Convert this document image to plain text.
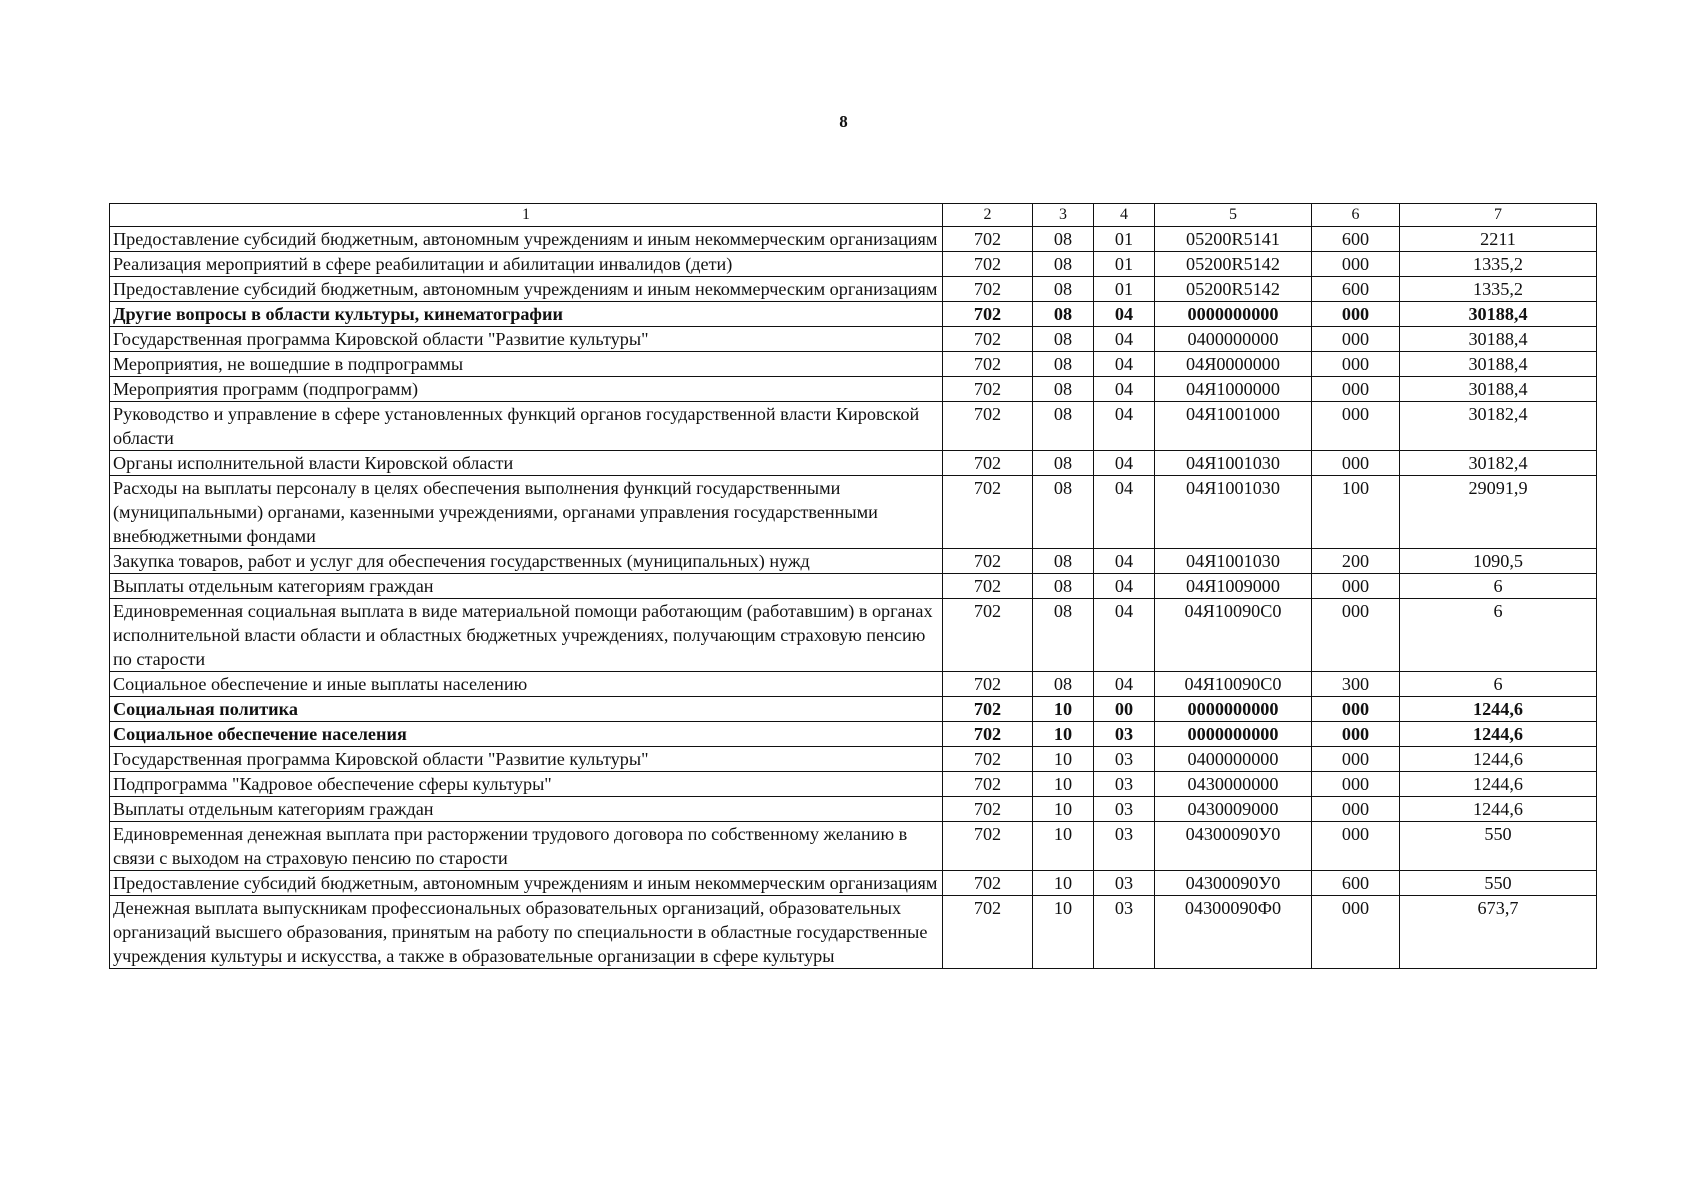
8
1	2	3	4	5	6	7
Предоставление субсидий бюджетным, автономным учреждениям и иным некоммерческим организациям	702	08	01	05200R5141	600	2211
Реализация мероприятий в сфере реабилитации и абилитации инвалидов (дети)	702	08	01	05200R5142	000	1335,2
Предоставление субсидий бюджетным, автономным учреждениям и иным некоммерческим организациям	702	08	01	05200R5142	600	1335,2
Другие вопросы в области культуры, кинематографии	702	08	04	0000000000	000	30188,4
Государственная программа Кировской области "Развитие культуры"	702	08	04	0400000000	000	30188,4
Мероприятия, не вошедшие в подпрограммы	702	08	04	04Я0000000	000	30188,4
Мероприятия программ (подпрограмм)	702	08	04	04Я1000000	000	30188,4
Руководство и управление в сфере установленных функций органов государственной власти Кировской области	702	08	04	04Я1001000	000	30182,4
Органы исполнительной власти Кировской области	702	08	04	04Я1001030	000	30182,4
Расходы на выплаты персоналу в целях обеспечения выполнения функций государственными (муниципальными) органами, казенными учреждениями, органами управления государственными внебюджетными фондами	702	08	04	04Я1001030	100	29091,9
Закупка товаров, работ и услуг для обеспечения государственных (муниципальных) нужд	702	08	04	04Я1001030	200	1090,5
Выплаты отдельным категориям граждан	702	08	04	04Я1009000	000	6
Единовременная социальная выплата в виде материальной помощи работающим (работавшим) в органах исполнительной власти области и областных бюджетных учреждениях, получающим страховую пенсию по старости	702	08	04	04Я10090С0	000	6
Социальное обеспечение и иные выплаты населению	702	08	04	04Я10090С0	300	6
Социальная политика	702	10	00	0000000000	000	1244,6
Социальное обеспечение населения	702	10	03	0000000000	000	1244,6
Государственная программа Кировской области "Развитие культуры"	702	10	03	0400000000	000	1244,6
Подпрограмма "Кадровое обеспечение сферы культуры"	702	10	03	0430000000	000	1244,6
Выплаты отдельным категориям граждан	702	10	03	0430009000	000	1244,6
Единовременная денежная выплата при расторжении трудового договора по собственному желанию в связи с выходом на страховую пенсию по старости	702	10	03	04300090У0	000	550
Предоставление субсидий бюджетным, автономным учреждениям и иным некоммерческим организациям	702	10	03	04300090У0	600	550
Денежная выплата выпускникам профессиональных образовательных организаций, образовательных организаций высшего образования, принятым на работу по специальности в областные государственные учреждения культуры и искусства, а также в образовательные организации в сфере культуры	702	10	03	04300090Ф0	000	673,7
